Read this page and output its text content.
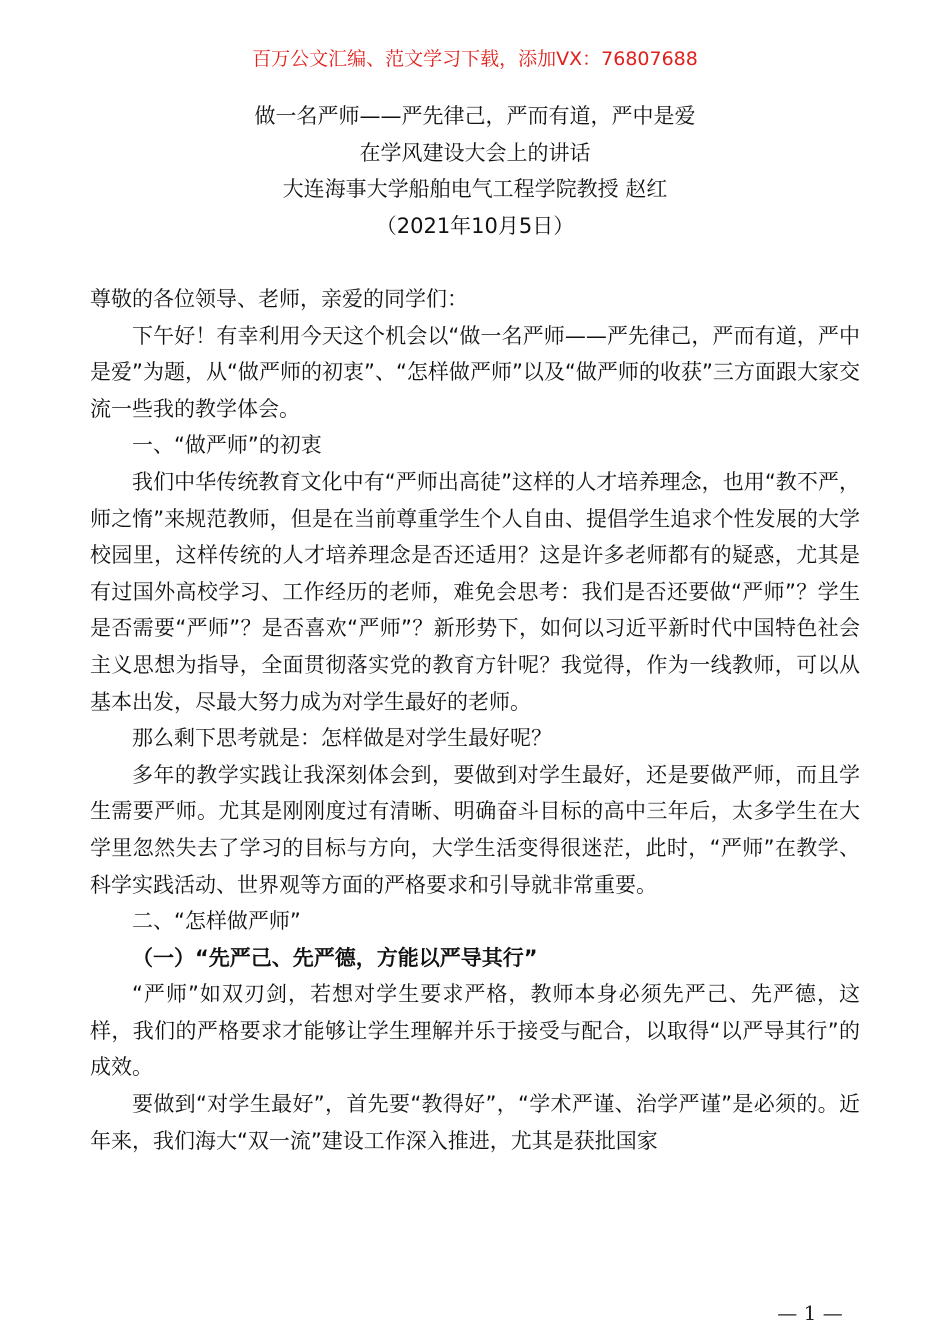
百万公文汇编、范文学习下载，添加VX：76807688
做一名严师——严先律己，严而有道，严中是爱
在学风建设大会上的讲话
大连海事大学船舶电气工程学院教授 赵红
（2021年10月5日）

尊敬的各位领导、老师，亲爱的同学们：

下午好！有幸利用今天这个机会以“做一名严师——严先律己，严而有道，严中是爱”为题，从“做严师的初衷”、“怎样做严师”以及“做严师的收获”三方面跟大家交流一些我的教学体会。

一、“做严师”的初衷

我们中华传统教育文化中有“严师出高徒”这样的人才培养理念，也用“教不严，师之惰”来规范教师，但是在当前尊重学生个人自由、提倡学生追求个性发展的大学校园里，这样传统的人才培养理念是否还适用？这是许多老师都有的疑惑，尤其是有过国外高校学习、工作经历的老师，难免会思考：我们是否还要做“严师”？学生是否需要“严师”？是否喜欢“严师”？新形势下，如何以习近平新时代中国特色社会主义思想为指导，全面贯彻落实党的教育方针呢？我觉得，作为一线教师，可以从基本出发，尽最大努力成为对学生最好的老师。

那么剩下思考就是：怎样做是对学生最好呢？

多年的教学实践让我深刻体会到，要做到对学生最好，还是要做严师，而且学生需要严师。尤其是刚刚度过有清晰、明确奋斗目标的高中三年后，太多学生在大学里忽然失去了学习的目标与方向，大学生活变得很迷茫，此时，“严师”在教学、科学实践活动、世界观等方面的严格要求和引导就非常重要。

二、“怎样做严师”

（一）“先严己、先严德，方能以严导其行”

“严师”如双刃剑，若想对学生要求严格，教师本身必须先严己、先严德，这样，我们的严格要求才能够让学生理解并乐于接受与配合，以取得“以严导其行”的成效。

要做到“对学生最好”，首先要“教得好”，“学术严谨、治学严谨”是必须的。近年来，我们海大“双一流”建设工作深入推进，尤其是获批国家

— 1 —
